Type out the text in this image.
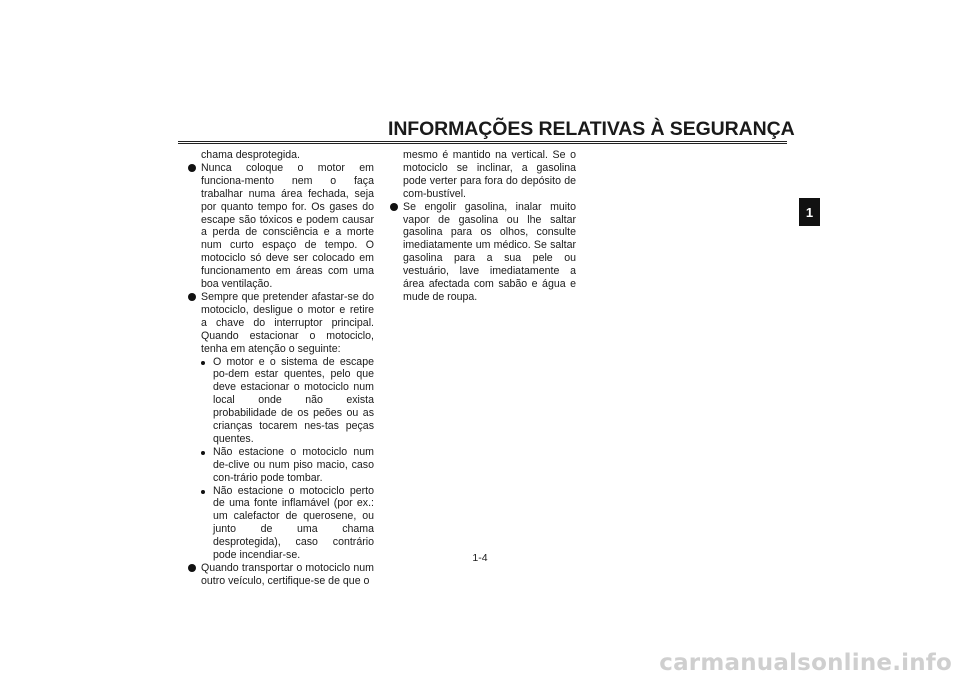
INFORMAÇÕES RELATIVAS À SEGURANÇA
1
chama desprotegida.
Nunca coloque o motor em funciona-mento nem o faça trabalhar numa área fechada, seja por quanto tempo for. Os gases do escape são tóxicos e podem causar a perda de consciência e a morte num curto espaço de tempo. O motociclo só deve ser colocado em funcionamento em áreas com uma boa ventilação.
Sempre que pretender afastar-se do motociclo, desligue o motor e retire a chave do interruptor principal. Quando estacionar o motociclo, tenha em atenção o seguinte:
O motor e o sistema de escape po-dem estar quentes, pelo que deve estacionar o motociclo num local onde não exista probabilidade de os peões ou as crianças tocarem nes-tas peças quentes.
Não estacione o motociclo num de-clive ou num piso macio, caso con-trário pode tombar.
Não estacione o motociclo perto de uma fonte inflamável (por ex.: um calefactor de querosene, ou junto de uma chama desprotegida), caso contrário pode incendiar-se.
Quando transportar o motociclo num outro veículo, certifique-se de que o
mesmo é mantido na vertical. Se o motociclo se inclinar, a gasolina pode verter para fora do depósito de com-bustível.
Se engolir gasolina, inalar muito vapor de gasolina ou lhe saltar gasolina para os olhos, consulte imediatamente um médico. Se saltar gasolina para a sua pele ou vestuário, lave imediatamente a área afectada com sabão e água e mude de roupa.
1-4
carmanualsonline.info
